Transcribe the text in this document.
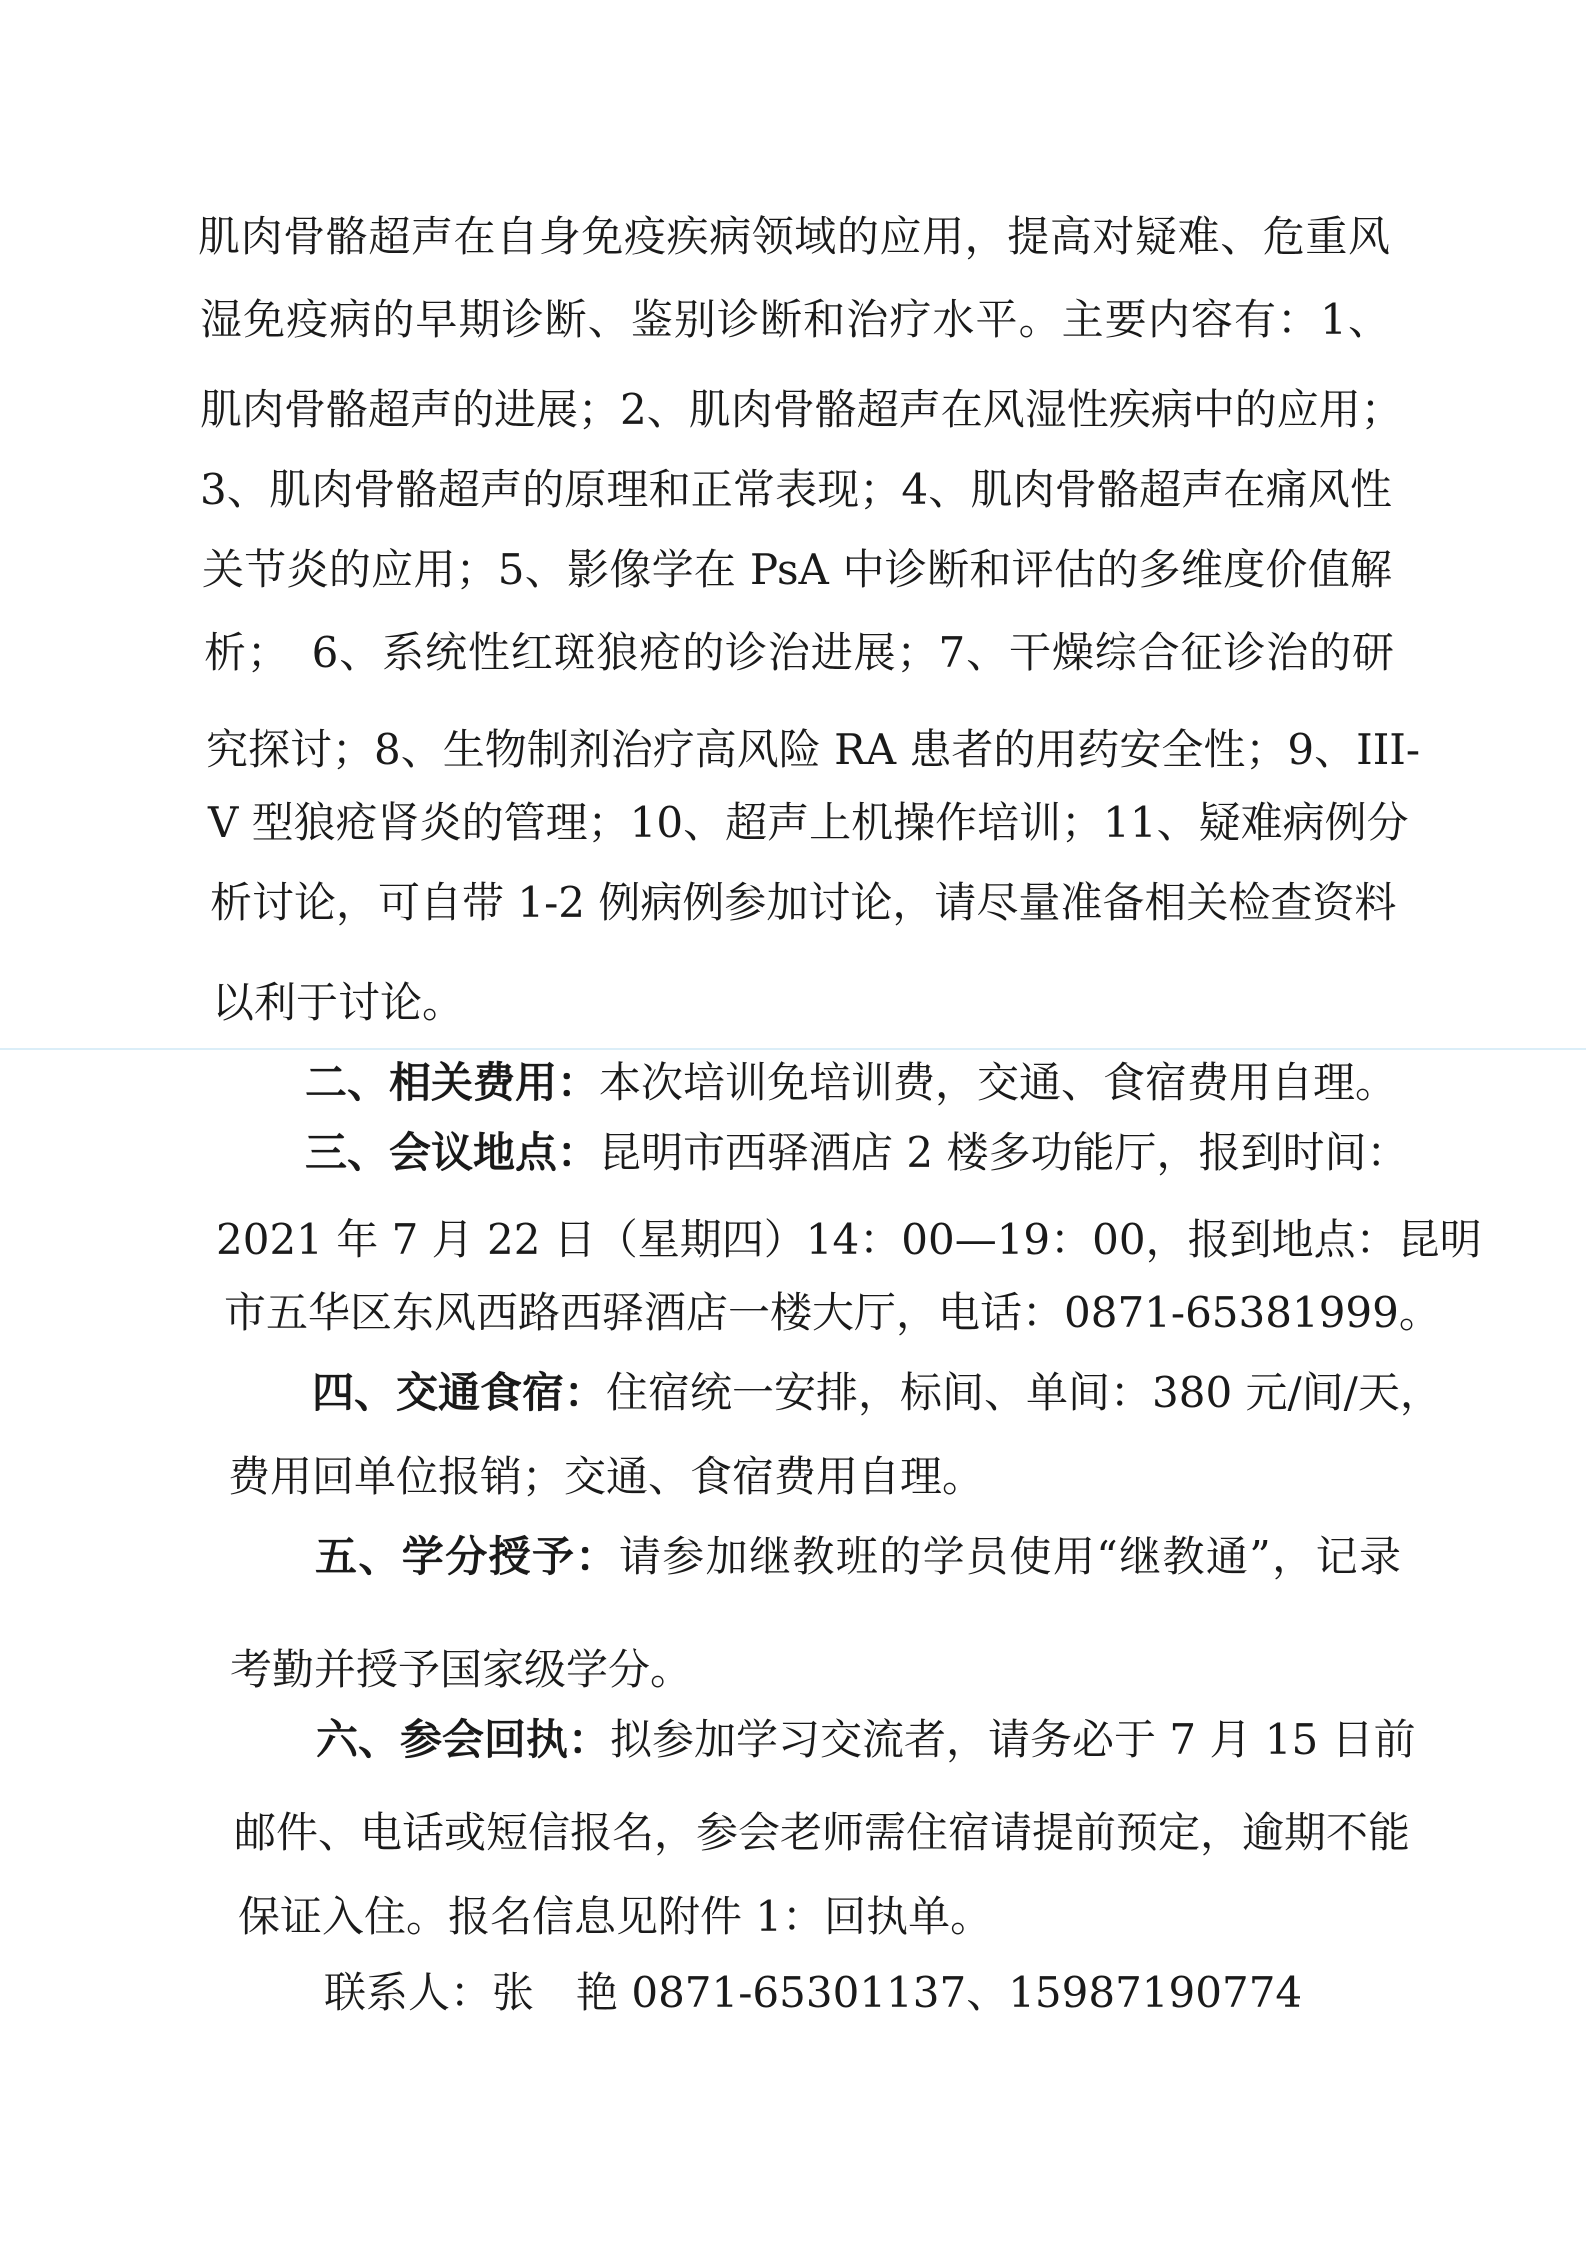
肌肉骨骼超声在自身免疫疾病领域的应用，提高对疑难、危重风
湿免疫病的早期诊断、鉴别诊断和治疗水平。主要内容有：1、
肌肉骨骼超声的进展；2、肌肉骨骼超声在风湿性疾病中的应用；
3、肌肉骨骼超声的原理和正常表现；4、肌肉骨骼超声在痛风性
关节炎的应用；5、影像学在 PsA 中诊断和评估的多维度价值解
析；　6、系统性红斑狼疮的诊治进展；7、干燥综合征诊治的研
究探讨；8、生物制剂治疗高风险 RA 患者的用药安全性；9、III-
V 型狼疮肾炎的管理；10、超声上机操作培训；11、疑难病例分
析讨论，可自带 1-2 例病例参加讨论，请尽量准备相关检查资料
以利于讨论。
二、相关费用：本次培训免培训费，交通、食宿费用自理。
三、会议地点：昆明市西驿酒店 2 楼多功能厅，报到时间：
2021 年 7 月 22 日（星期四）14：00—19：00，报到地点：昆明
市五华区东风西路西驿酒店一楼大厅，电话：0871-65381999。
四、交通食宿：住宿统一安排，标间、单间：380 元/间/天，
费用回单位报销；交通、食宿费用自理。
五、学分授予：请参加继教班的学员使用“继教通”，记录
考勤并授予国家级学分。
六、参会回执：拟参加学习交流者，请务必于 7 月 15 日前
邮件、电话或短信报名，参会老师需住宿请提前预定，逾期不能
保证入住。报名信息见附件 1：回执单。
联系人：张　艳 0871-65301137、15987190774
